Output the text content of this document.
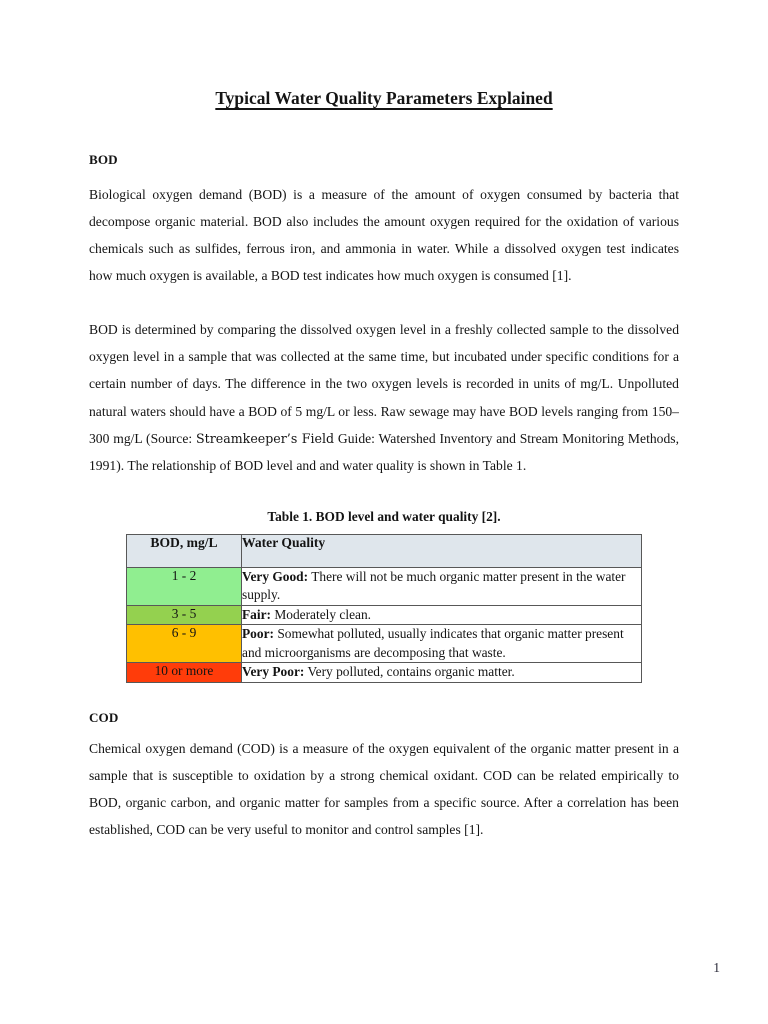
Typical Water Quality Parameters Explained
BOD

Biological oxygen demand (BOD) is a measure of the amount of oxygen consumed by bacteria that decompose organic material. BOD also includes the amount oxygen required for the oxidation of various chemicals such as sulfides, ferrous iron, and ammonia in water. While a dissolved oxygen test indicates how much oxygen is available, a BOD test indicates how much oxygen is consumed [1].

BOD is determined by comparing the dissolved oxygen level in a freshly collected sample to the dissolved oxygen level in a sample that was collected at the same time, but incubated under specific conditions for a certain number of days. The difference in the two oxygen levels is recorded in units of mg/L. Unpolluted natural waters should have a BOD of 5 mg/L or less. Raw sewage may have BOD levels ranging from 150–300 mg/L (Source: Streamkeeper’s Field Guide: Watershed Inventory and Stream Monitoring Methods, 1991). The relationship of BOD level and and water quality is shown in Table 1.

Table 1. BOD level and water quality [2].
BOD, mg/L	Water Quality
1 - 2	Very Good: There will not be much organic matter present in the water supply.
3 - 5	Fair: Moderately clean.
6 - 9	Poor: Somewhat polluted, usually indicates that organic matter present and microorganisms are decomposing that waste.
10 or more	Very Poor: Very polluted, contains organic matter.
COD

Chemical oxygen demand (COD) is a measure of the oxygen equivalent of the organic matter present in a sample that is susceptible to oxidation by a strong chemical oxidant. COD can be related empirically to BOD, organic carbon, and organic matter for samples from a specific source. After a correlation has been established, COD can be very useful to monitor and control samples [1].

1
